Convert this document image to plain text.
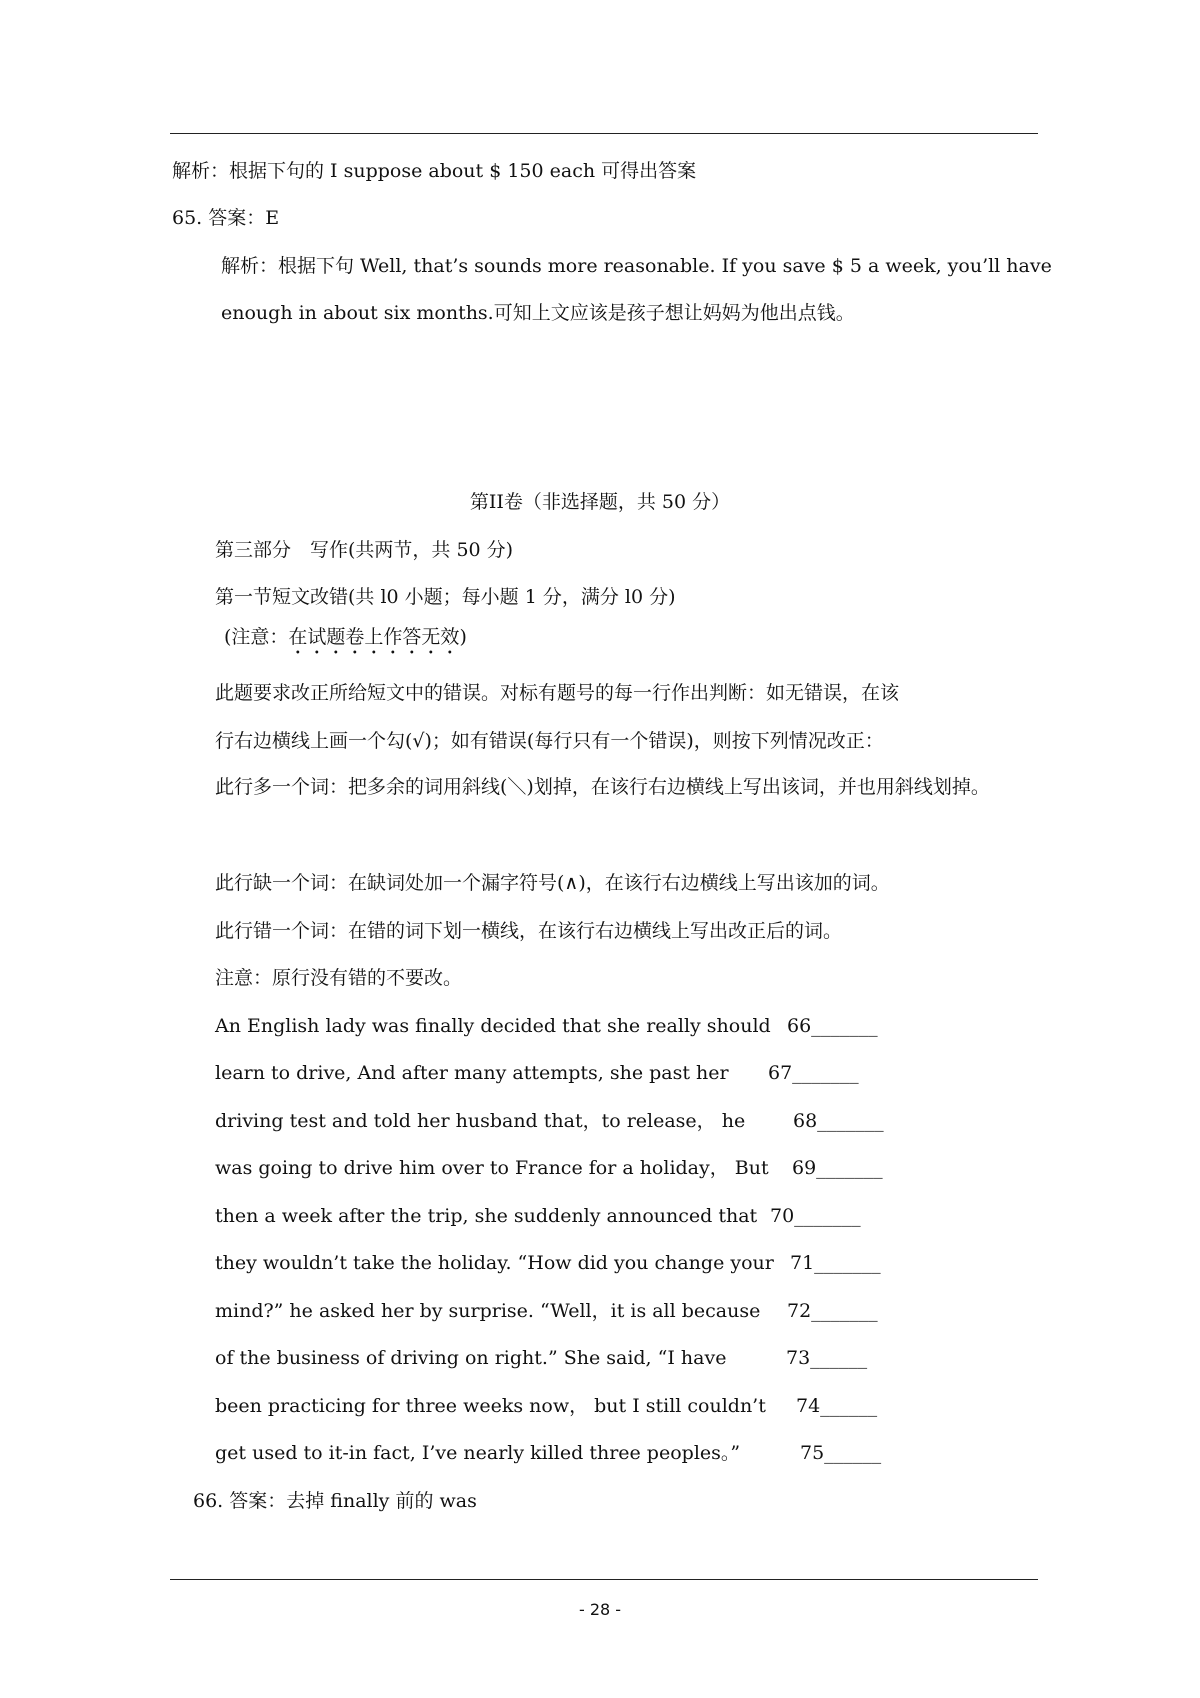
解析：根据下句的 I suppose about $ 150 each 可得出答案
65. 答案：E
解析：根据下句 Well, that’s sounds more reasonable. If you save $ 5 a week, you’ll have
enough in about six months.可知上文应该是孩子想让妈妈为他出点钱。
第II卷（非选择题，共 50 分）
第三部分　写作(共两节，共 50 分)
第一节短文改错(共 l0 小题；每小题 1 分，满分 l0 分)
(注意：在试题卷上作答无效)
此题要求改正所给短文中的错误。对标有题号的每一行作出判断：如无错误，在该
行右边横线上画一个勾(√)；如有错误(每行只有一个错误)，则按下列情况改正：
此行多一个词：把多余的词用斜线(＼)划掉，在该行右边横线上写出该词，并也用斜线划掉。
此行缺一个词：在缺词处加一个漏字符号(∧)，在该行右边横线上写出该加的词。
此行错一个词：在错的词下划一横线，在该行右边横线上写出改正后的词。
注意：原行没有错的不要改。
An English lady was finally decided that she really should 66_______
learn to drive, And after many attempts, she past her 67_______
driving test and told her husband that，to release， he	68_______
was going to drive him over to France for a holiday， But 69_______
then a week after the trip, she suddenly announced that 70_______
they wouldn’t take the holiday. “How did you change your 71_______
mind?” he asked her by surprise. “Well，it is all because 72_______
of the business of driving on right.” She said, “I have	73______
been practicing for three weeks now， but I still couldn’t 74______
get used to it-in fact, I’ve nearly killed three peoples。”	75______
66. 答案：去掉 finally 前的 was
- 28 -
